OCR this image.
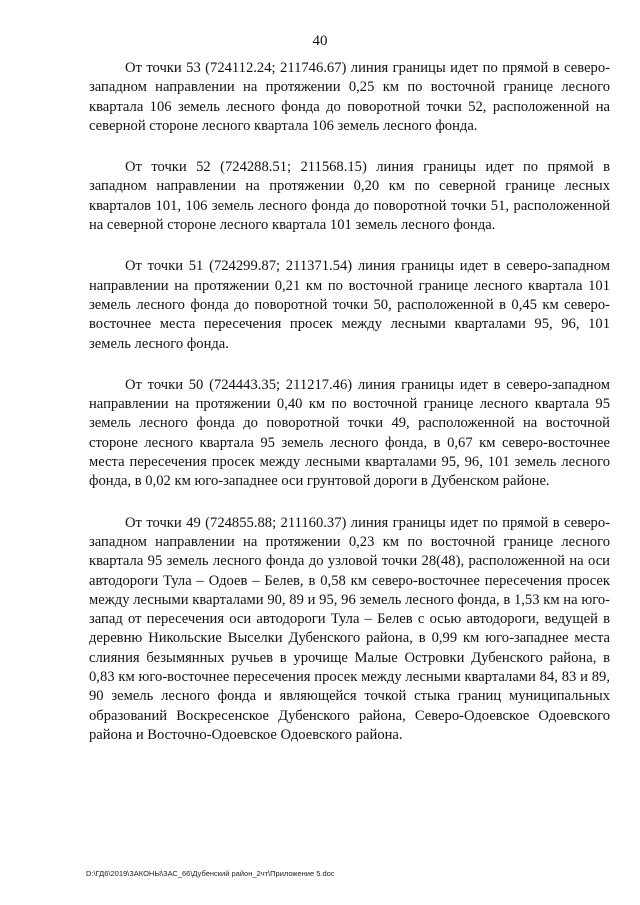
40

От точки 53 (724112.24; 211746.67) линия границы идет по прямой в северо-западном направлении на протяжении 0,25 км по восточной границе лесного квартала 106 земель лесного фонда до поворотной точки 52, расположенной на северной стороне лесного квартала 106 земель лесного фонда.

От точки 52 (724288.51; 211568.15) линия границы идет по прямой в западном направлении на протяжении 0,20 км по северной границе лесных кварталов 101, 106 земель лесного фонда до поворотной точки 51, расположенной на северной стороне лесного квартала 101 земель лесного фонда.

От точки 51 (724299.87; 211371.54) линия границы идет в северо-западном направлении на протяжении 0,21 км по восточной границе лесного квартала 101 земель лесного фонда до поворотной точки 50, расположенной в 0,45 км северо-восточнее места пересечения просек между лесными кварталами 95, 96, 101 земель лесного фонда.

От точки 50 (724443.35; 211217.46) линия границы идет в северо-западном направлении на протяжении 0,40 км по восточной границе лесного квартала 95 земель лесного фонда до поворотной точки 49, расположенной на восточной стороне лесного квартала 95 земель лесного фонда, в 0,67 км северо-восточнее места пересечения просек между лесными кварталами 95, 96, 101 земель лесного фонда, в 0,02 км юго-западнее оси грунтовой дороги в Дубенском районе.

От точки 49 (724855.88; 211160.37) линия границы идет по прямой в северо-западном направлении на протяжении 0,23 км по восточной границе лесного квартала 95 земель лесного фонда до узловой точки 28(48), расположенной на оси автодороги Тула – Одоев – Белев, в 0,58 км северо-восточнее пересечения просек между лесными кварталами 90, 89 и 95, 96 земель лесного фонда, в 1,53 км на юго-запад от пересечения оси автодороги Тула – Белев с осью автодороги, ведущей в деревню Никольские Выселки Дубенского района, в 0,99 км юго-западнее места слияния безымянных ручьев в урочище Малые Островки Дубенского района, в 0,83 км юго-восточнее пересечения просек между лесными кварталами 84, 83 и 89, 90 земель лесного фонда и являющейся точкой стыка границ муниципальных образований Воскресенское Дубенского района, Северо-Одоевское Одоевского района и Восточно-Одоевское Одоевского района.

D:\ГД6\2019\ЗАКОНЫ\ЗАС_66\Дубенский район_2чт\Приложение 5.doc
